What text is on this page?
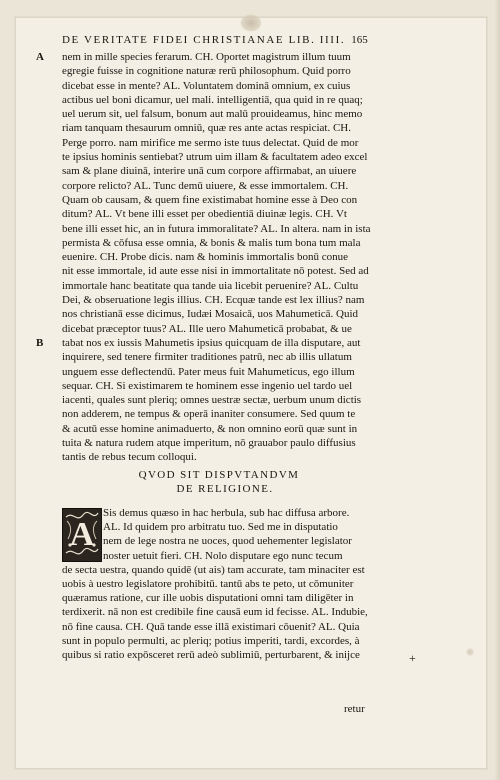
DE VERITATE FIDEI CHRISTIANAE LIB. IIII. 165
A
B
nem in mille species ferarum. CH. Oportet magistrum illum tuum
egregie fuisse in cognitione naturæ rerū philosophum. Quid porro
dicebat esse in mente? AL. Voluntatem dominā omnium, ex cuius
actibus uel boni dicamur, uel mali. intelligentiā, qua quid in re quaq;
uel uerum sit, uel falsum, bonum aut malū prouideamus, hinc memo
riam tanquam thesaurum omniū, quæ res ante actas respiciat. CH.
Perge porro. nam mirifice me sermo iste tuus delectat. Quid de mor
te ipsius hominis sentiebat? utrum uim illam & facultatem adeo excel
sam & plane diuinā, interire unā cum corpore affirmabat, an uiuere
corpore relicto? AL. Tunc demū uiuere, & esse immortalem. CH.
Quam ob causam, & quem fine existimabat homine esse à Deo con
ditum? AL. Vt bene illi esset per obedientiā diuinæ legis. CH. Vt
bene illi esset hic, an in futura immoralitate? AL. In altera. nam in ista
permista & cōfusa esse omnia, & bonis & malis tum bona tum mala
euenire. CH. Probe dicis. nam & hominis immortalis bonū conue
nit esse immortale, id aute esse nisi in immortalitate nō potest. Sed ad
immortale hanc beatitate qua tande uia licebit peruenire? AL. Cultu
Dei, & obseruatione legis illius. CH. Ecquæ tande est lex illius? nam
nos christianā esse dicimus, Iudæi Mosaicā, uos Mahumeticā. Quid
dicebat præceptor tuus? AL. Ille uero Mahumeticā probabat, & ue
tabat nos ex iussis Mahumetis ipsius quicquam de illa disputare, aut
inquirere, sed tenere firmiter traditiones patrū, nec ab illis ullatum
unguem esse deflectendū. Pater meus fuit Mahumeticus, ego illum
sequar. CH. Si existimarem te hominem esse ingenio uel tardo uel
iacenti, quales sunt pleriq; omnes uestræ sectæ, uerbum unum dictis
non adderem, ne tempus & operā inaniter consumere. Sed quum te
& acutū esse homine animaduerto, & non omnino eorū quæ sunt in
tuita & natura rudem atque imperitum, nō grauabor paulo diffusius
tantis de rebus tecum colloqui.
QVOD SIT DISPVTANDVM
DE RELIGIONE.
A
Sis demus quæso in hac herbula, sub hac diffusa arbore.
AL. Id quidem pro arbitratu tuo. Sed me in disputatio
nem de lege nostra ne uoces, quod uehementer legislator
noster uetuit fieri. CH. Nolo disputare ego nunc tecum
de secta uestra, quando quidē (ut ais) tam accurate, tam minaciter est
uobis à uestro legislatore prohibitū. tantū abs te peto, ut cōmuniter
quæramus ratione, cur ille uobis disputationi omni tam diligēter in
terdixerit. nā non est credibile fine causā eum id fecisse. AL. Indubie,
nō fine causa. CH. Quā tande esse illā existimari cōuenit? AL. Quia
sunt in populo permulti, ac pleriq; potius imperiti, tardi, excordes, à
quibus si ratio expōsceret rerū adeò sublimiū, perturbarent, & inijce
retur
+
